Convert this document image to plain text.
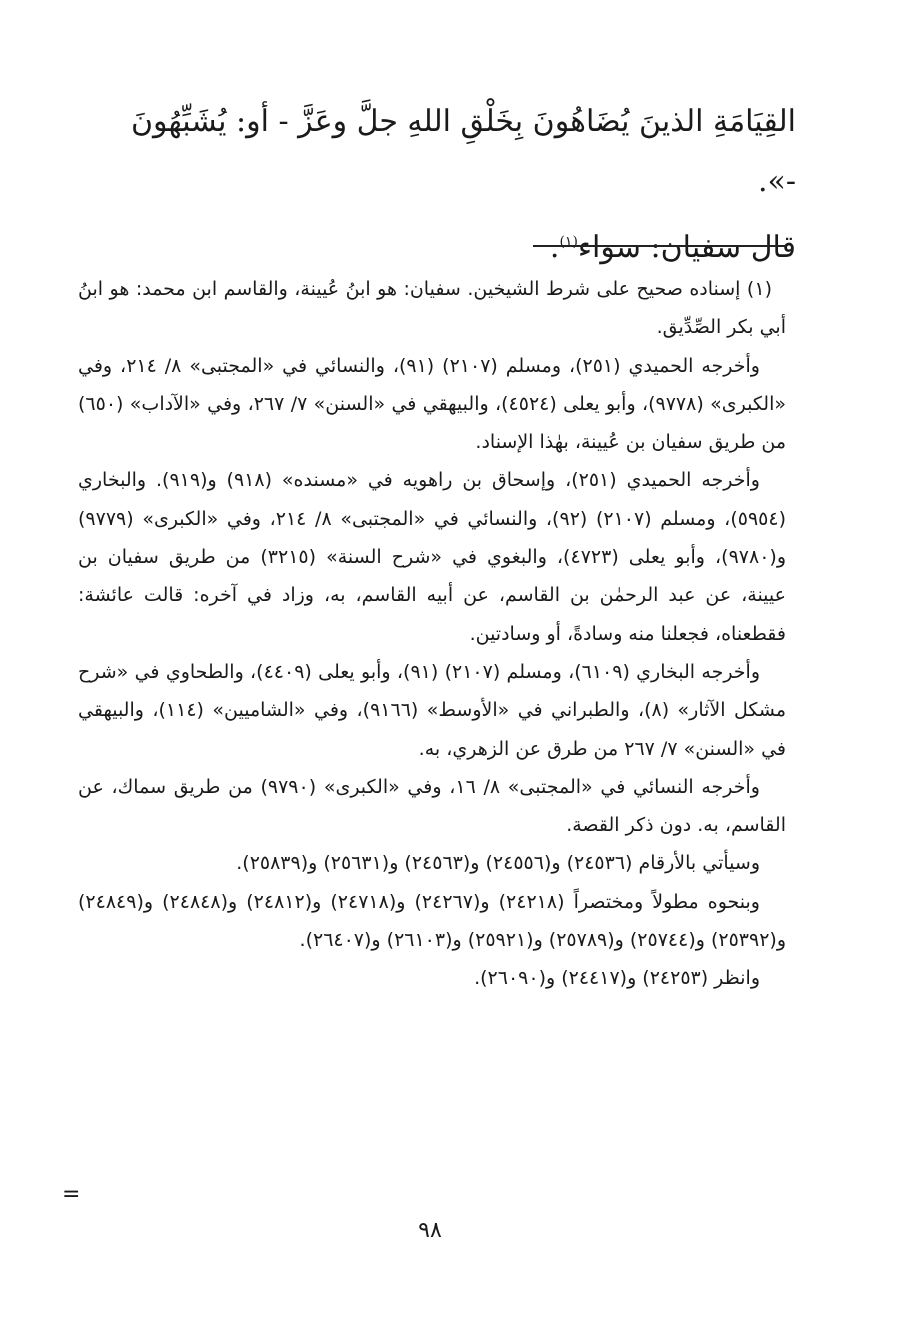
القِيَامَةِ الذينَ يُضَاهُونَ بِخَلْقِ اللهِ جلَّ وعَزَّ - أو: يُشَبِّهُونَ -».

قال سفيان: سواء$^{(١)}$.

(١) إسناده صحيح على شرط الشيخين. سفيان: هو ابنُ عُيينة، والقاسم ابن محمد: هو ابنُ أبي بكر الصِّدِّيق.

وأخرجه الحميدي (٢٥١)، ومسلم (٢١٠٧) (٩١)، والنسائي في «المجتبى» ٨/ ٢١٤، وفي «الكبرى» (٩٧٧٨)، وأبو يعلى (٤٥٢٤)، والبيهقي في «السنن» ٧/ ٢٦٧، وفي «الآداب» (٦٥٠) من طريق سفيان بن عُيينة، بهٰذا الإسناد.

وأخرجه الحميدي (٢٥١)، وإسحاق بن راهويه في «مسنده» (٩١٨) و(٩١٩). والبخاري (٥٩٥٤)، ومسلم (٢١٠٧) (٩٢)، والنسائي في «المجتبى» ٨/ ٢١٤، وفي «الكبرى» (٩٧٧٩) و(٩٧٨٠)، وأبو يعلى (٤٧٢٣)، والبغوي في «شرح السنة» (٣٢١٥) من طريق سفيان بن عيينة، عن عبد الرحمٰن بن القاسم، عن أبيه القاسم، به، وزاد في آخره: قالت عائشة: فقطعناه، فجعلنا منه وسادةً، أو وسادتين.

وأخرجه البخاري (٦١٠٩)، ومسلم (٢١٠٧) (٩١)، وأبو يعلى (٤٤٠٩)، والطحاوي في «شرح مشكل الآثار» (٨)، والطبراني في «الأوسط» (٩١٦٦)، وفي «الشاميين» (١١٤)، والبيهقي في «السنن» ٧/ ٢٦٧ من طرق عن الزهري، به.

وأخرجه النسائي في «المجتبى» ٨/ ١٦، وفي «الكبرى» (٩٧٩٠) من طريق سماك، عن القاسم، به. دون ذكر القصة.

وسيأتي بالأرقام (٢٤٥٣٦) و(٢٤٥٥٦) و(٢٤٥٦٣) و(٢٥٦٣١) و(٢٥٨٣٩).

وبنحوه مطولاً ومختصراً (٢٤٢١٨) و(٢٤٢٦٧) و(٢٤٧١٨) و(٢٤٨١٢) و(٢٤٨٤٨) و(٢٤٨٤٩) و(٢٥٣٩٢) و(٢٥٧٤٤) و(٢٥٧٨٩) و(٢٥٩٢١) و(٢٦١٠٣) و(٢٦٤٠٧).

وانظر (٢٤٢٥٣) و(٢٤٤١٧) و(٢٦٠٩٠).

=
٩٨
